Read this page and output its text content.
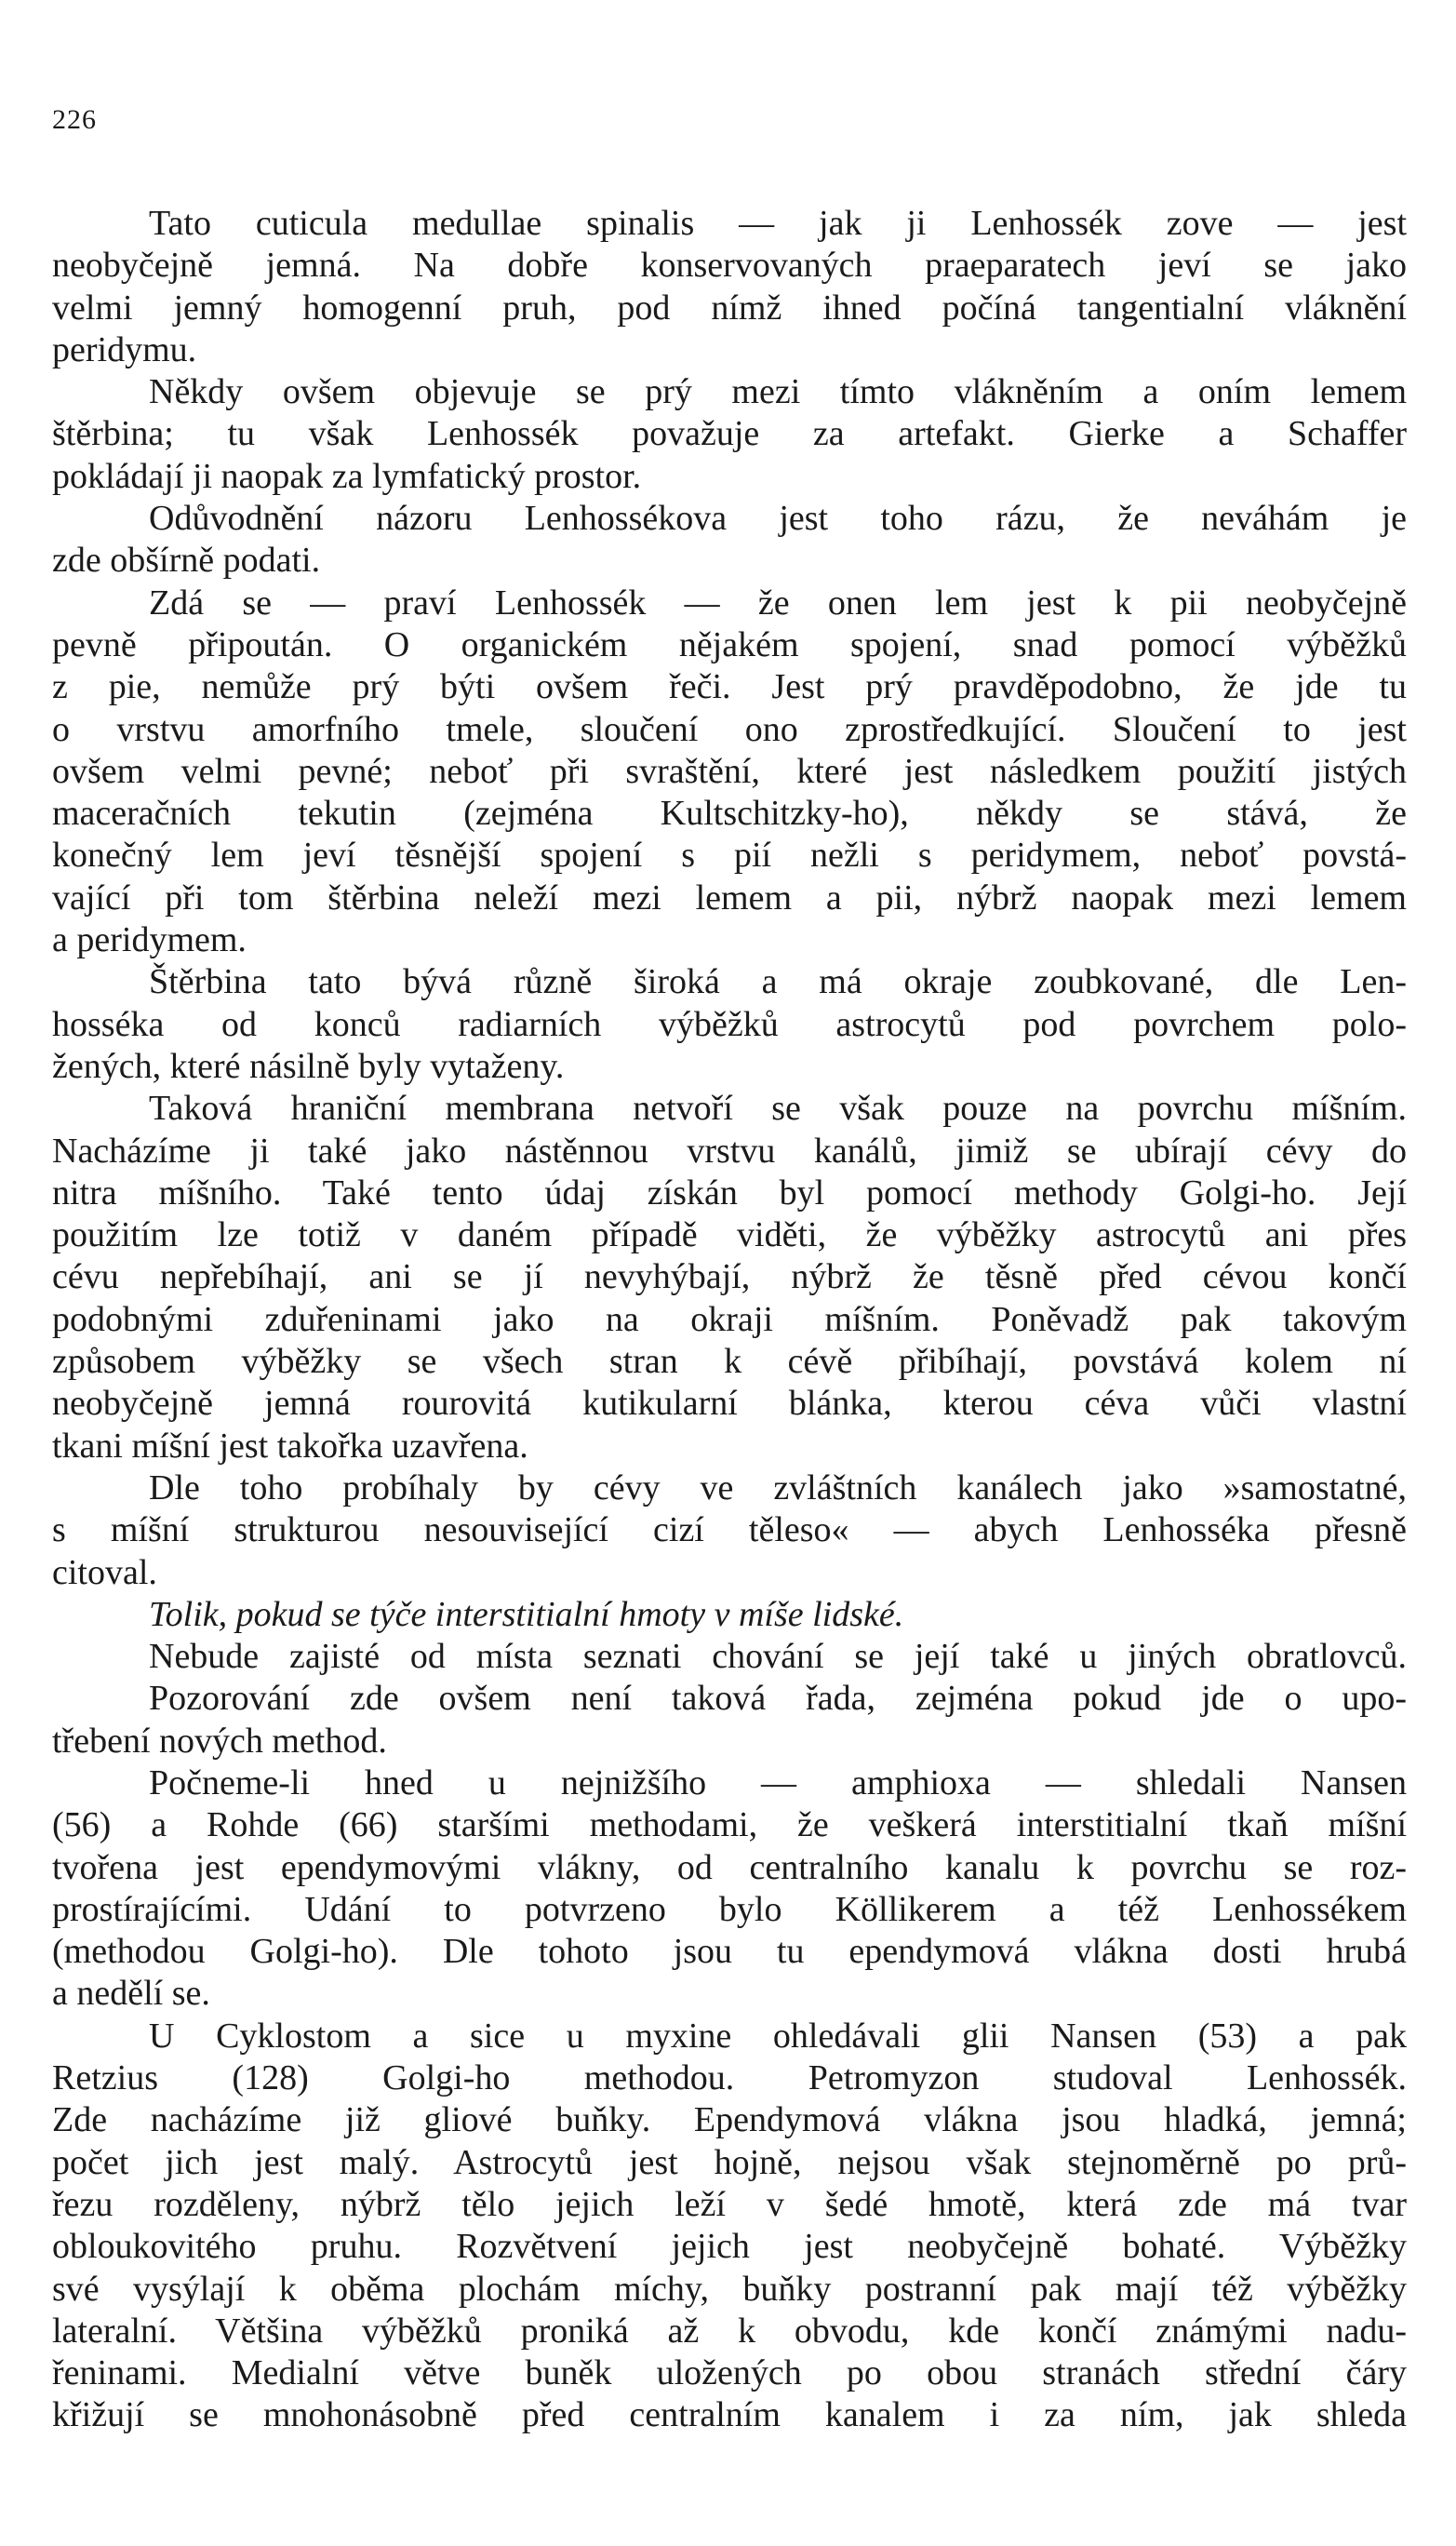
226
Tato cuticula medullae spinalis — jak ji Lenhossék zove — jest
neobyčejně jemná. Na dobře konservovaných praeparatech jeví se jako
velmi jemný homogenní pruh, pod nímž ihned počíná tangentialní vláknění
peridymu.
Někdy ovšem objevuje se prý mezi tímto vlákněním a oním lemem
štěrbina; tu však Lenhossék považuje za artefakt. Gierke a Schaffer
pokládají ji naopak za lymfatický prostor.
Odůvodnění názoru Lenhossékova jest toho rázu, že neváhám je
zde obšírně podati.
Zdá se — praví Lenhossék — že onen lem jest k pii neobyčejně
pevně připoután. O organickém nějakém spojení, snad pomocí výběžků
z pie, nemůže prý býti ovšem řeči. Jest prý pravděpodobno, že jde tu
o vrstvu amorfního tmele, sloučení ono zprostředkující. Sloučení to jest
ovšem velmi pevné; neboť při svraštění, které jest následkem použití jistých
maceračních tekutin (zejména Kultschitzky-ho), někdy se stává, že
konečný lem jeví těsnější spojení s pií nežli s peridymem, neboť povstá-
vající při tom štěrbina neleží mezi lemem a pii, nýbrž naopak mezi lemem
a peridymem.
Štěrbina tato bývá různě široká a má okraje zoubkované, dle Len-
hosséka od konců radiarních výběžků astrocytů pod povrchem polo-
žených, které násilně byly vytaženy.
Taková hraniční membrana netvoří se však pouze na povrchu míšním.
Nacházíme ji také jako nástěnnou vrstvu kanálů, jimiž se ubírají cévy do
nitra míšního. Také tento údaj získán byl pomocí methody Golgi-ho. Její
použitím lze totiž v daném případě viděti, že výběžky astrocytů ani přes
cévu nepřebíhají, ani se jí nevyhýbají, nýbrž že těsně před cévou končí
podobnými zduřeninami jako na okraji míšním. Poněvadž pak takovým
způsobem výběžky se všech stran k cévě přibíhají, povstává kolem ní
neobyčejně jemná rourovitá kutikularní blánka, kterou céva vůči vlastní
tkani míšní jest takořka uzavřena.
Dle toho probíhaly by cévy ve zvláštních kanálech jako »samostatné,
s míšní strukturou nesouvisející cizí těleso« — abych Lenhosséka přesně
citoval.
Tolik, pokud se týče interstitialní hmoty v míše lidské.
Nebude zajisté od místa seznati chování se její také u jiných obratlovců.
Pozorování zde ovšem není taková řada, zejména pokud jde o upo-
třebení nových method.
Počneme-li hned u nejnižšího — amphioxa — shledali Nansen
(56) a Rohde (66) staršími methodami, že veškerá interstitialní tkaň míšní
tvořena jest ependymovými vlákny, od centralního kanalu k povrchu se roz-
prostírajícími. Udání to potvrzeno bylo Köllikerem a též Lenhossékem
(methodou Golgi-ho). Dle tohoto jsou tu ependymová vlákna dosti hrubá
a nedělí se.
U Cyklostom a sice u myxine ohledávali glii Nansen (53) a pak
Retzius (128) Golgi-ho methodou. Petromyzon studoval Lenhossék.
Zde nacházíme již gliové buňky. Ependymová vlákna jsou hladká, jemná;
počet jich jest malý. Astrocytů jest hojně, nejsou však stejnoměrně po prů-
řezu rozděleny, nýbrž tělo jejich leží v šedé hmotě, která zde má tvar
obloukovitého pruhu. Rozvětvení jejich jest neobyčejně bohaté. Výběžky
své vysýlají k oběma plochám míchy, buňky postranní pak mají též výběžky
lateralní. Většina výběžků proniká až k obvodu, kde končí známými nadu-
řeninami. Medialní větve buněk uložených po obou stranách střední čáry
křižují se mnohonásobně před centralním kanalem i za ním, jak shleda
